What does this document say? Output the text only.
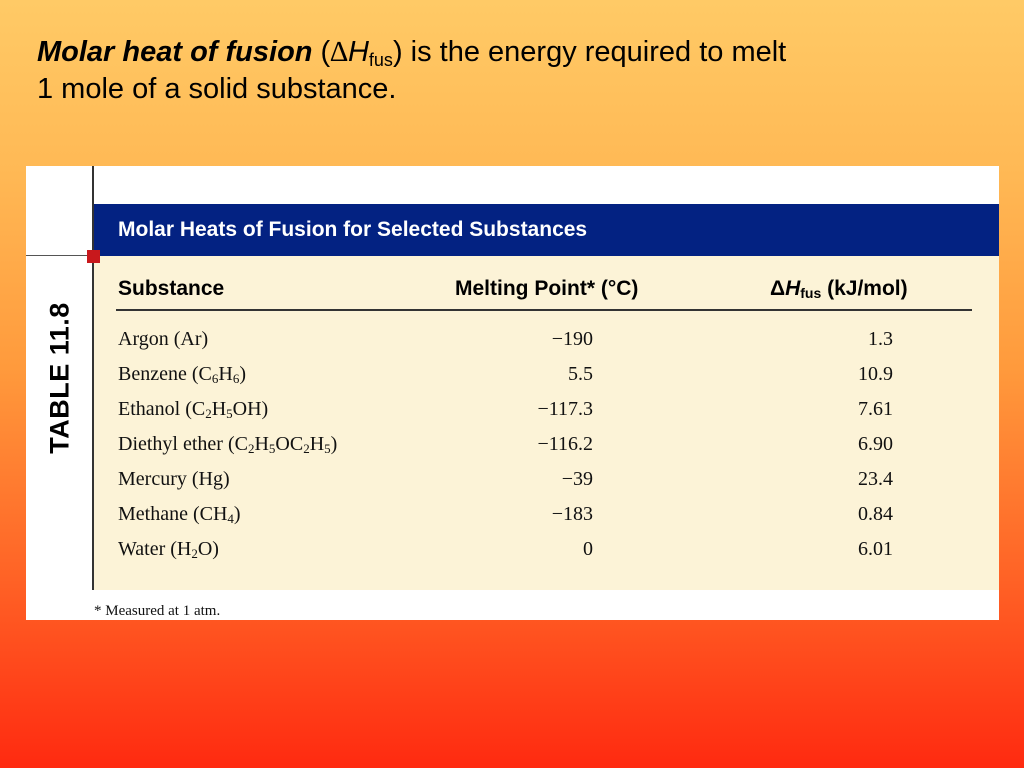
Molar heat of fusion $(\Delta H_{fus})$ is the energy required to melt
1 mole of a solid substance.
TABLE 11.8
Molar Heats of Fusion for Selected Substances
Substance	Melting Point* (°C)	$\Delta H_{fus}$ (kJ/mol)
Argon (Ar)	−190	1.3
Benzene $(C_6H_6)$	5.5	10.9
Ethanol $(C_2H_5OH)$	−117.3	7.61
Diethyl ether $(C_2H_5OC_2H_5)$	−116.2	6.90
Mercury (Hg)	−39	23.4
Methane $(CH_4)$	−183	0.84
Water $(H_2O)$	0	6.01
* Measured at 1 atm.
